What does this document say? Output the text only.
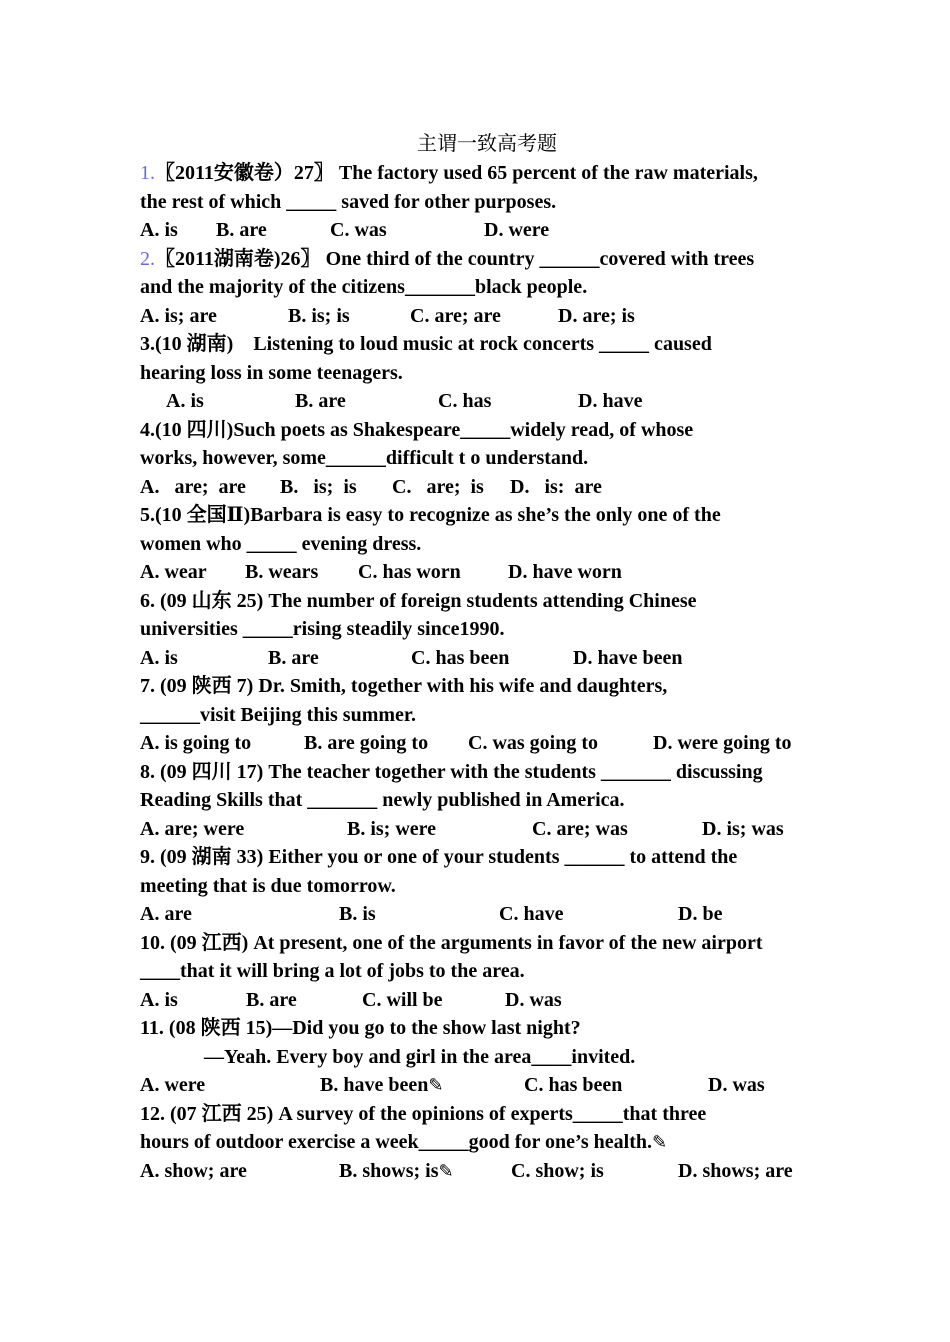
主谓一致高考题
1.〖2011安徽卷）27〗 The factory used 65 percent of the raw materials,
the rest of which _____ saved for other purposes.
A. is	B. are	C. was	D. were
2.〖2011湖南卷)26〗 One third of the country ______covered with trees
and the majority of the citizens_______black people.
A. is; are	B. is; is	C. are; are	D. are; is
3.(10 湖南) Listening to loud music at rock concerts _____ caused
hearing loss in some teenagers.
A. is	B. are	C. has	D. have
4.(10 四川)Such poets as Shakespeare_____widely read, of whose
works, however, some______difficult t o understand.
A.   are;  are	B.   is;  is	C.   are;  is	D.   is:  are
5.(10 全国Ⅱ)Barbara is easy to recognize as she’s the only one of the
women who _____ evening dress.
A. wear	B. wears	C. has worn	D. have worn
6. (09 山东 25) The number of foreign students attending Chinese
universities _____rising steadily since1990.
A. is	B. are	C. has been	D. have been
7. (09 陕西 7) Dr. Smith, together with his wife and daughters,
______visit Beijing this summer.
A. is going to	B. are going to	C. was going to	D. were going to
8. (09 四川 17) The teacher together with the students _______ discussing
Reading Skills that _______ newly published in America.
A. are; were	B. is; were	C. are; was	D. is; was
9. (09 湖南 33) Either you or one of your students ______ to attend the
meeting that is due tomorrow.
A. are	B. is	C. have	D. be
10. (09 江西) At present, one of the arguments in favor of the new airport
____that it will bring a lot of jobs to the area.
A. is	B. are	C. will be	D. was
11. (08 陕西 15)—Did you go to the show last night?
—Yeah. Every boy and girl in the area____invited.
A. were	B. have been✎	C. has been	D. was
12. (07 江西 25) A survey of the opinions of experts_____that three
hours of outdoor exercise a week_____good for one’s health.✎
A. show; are	B. shows; is✎	C. show; is	D. shows; are
